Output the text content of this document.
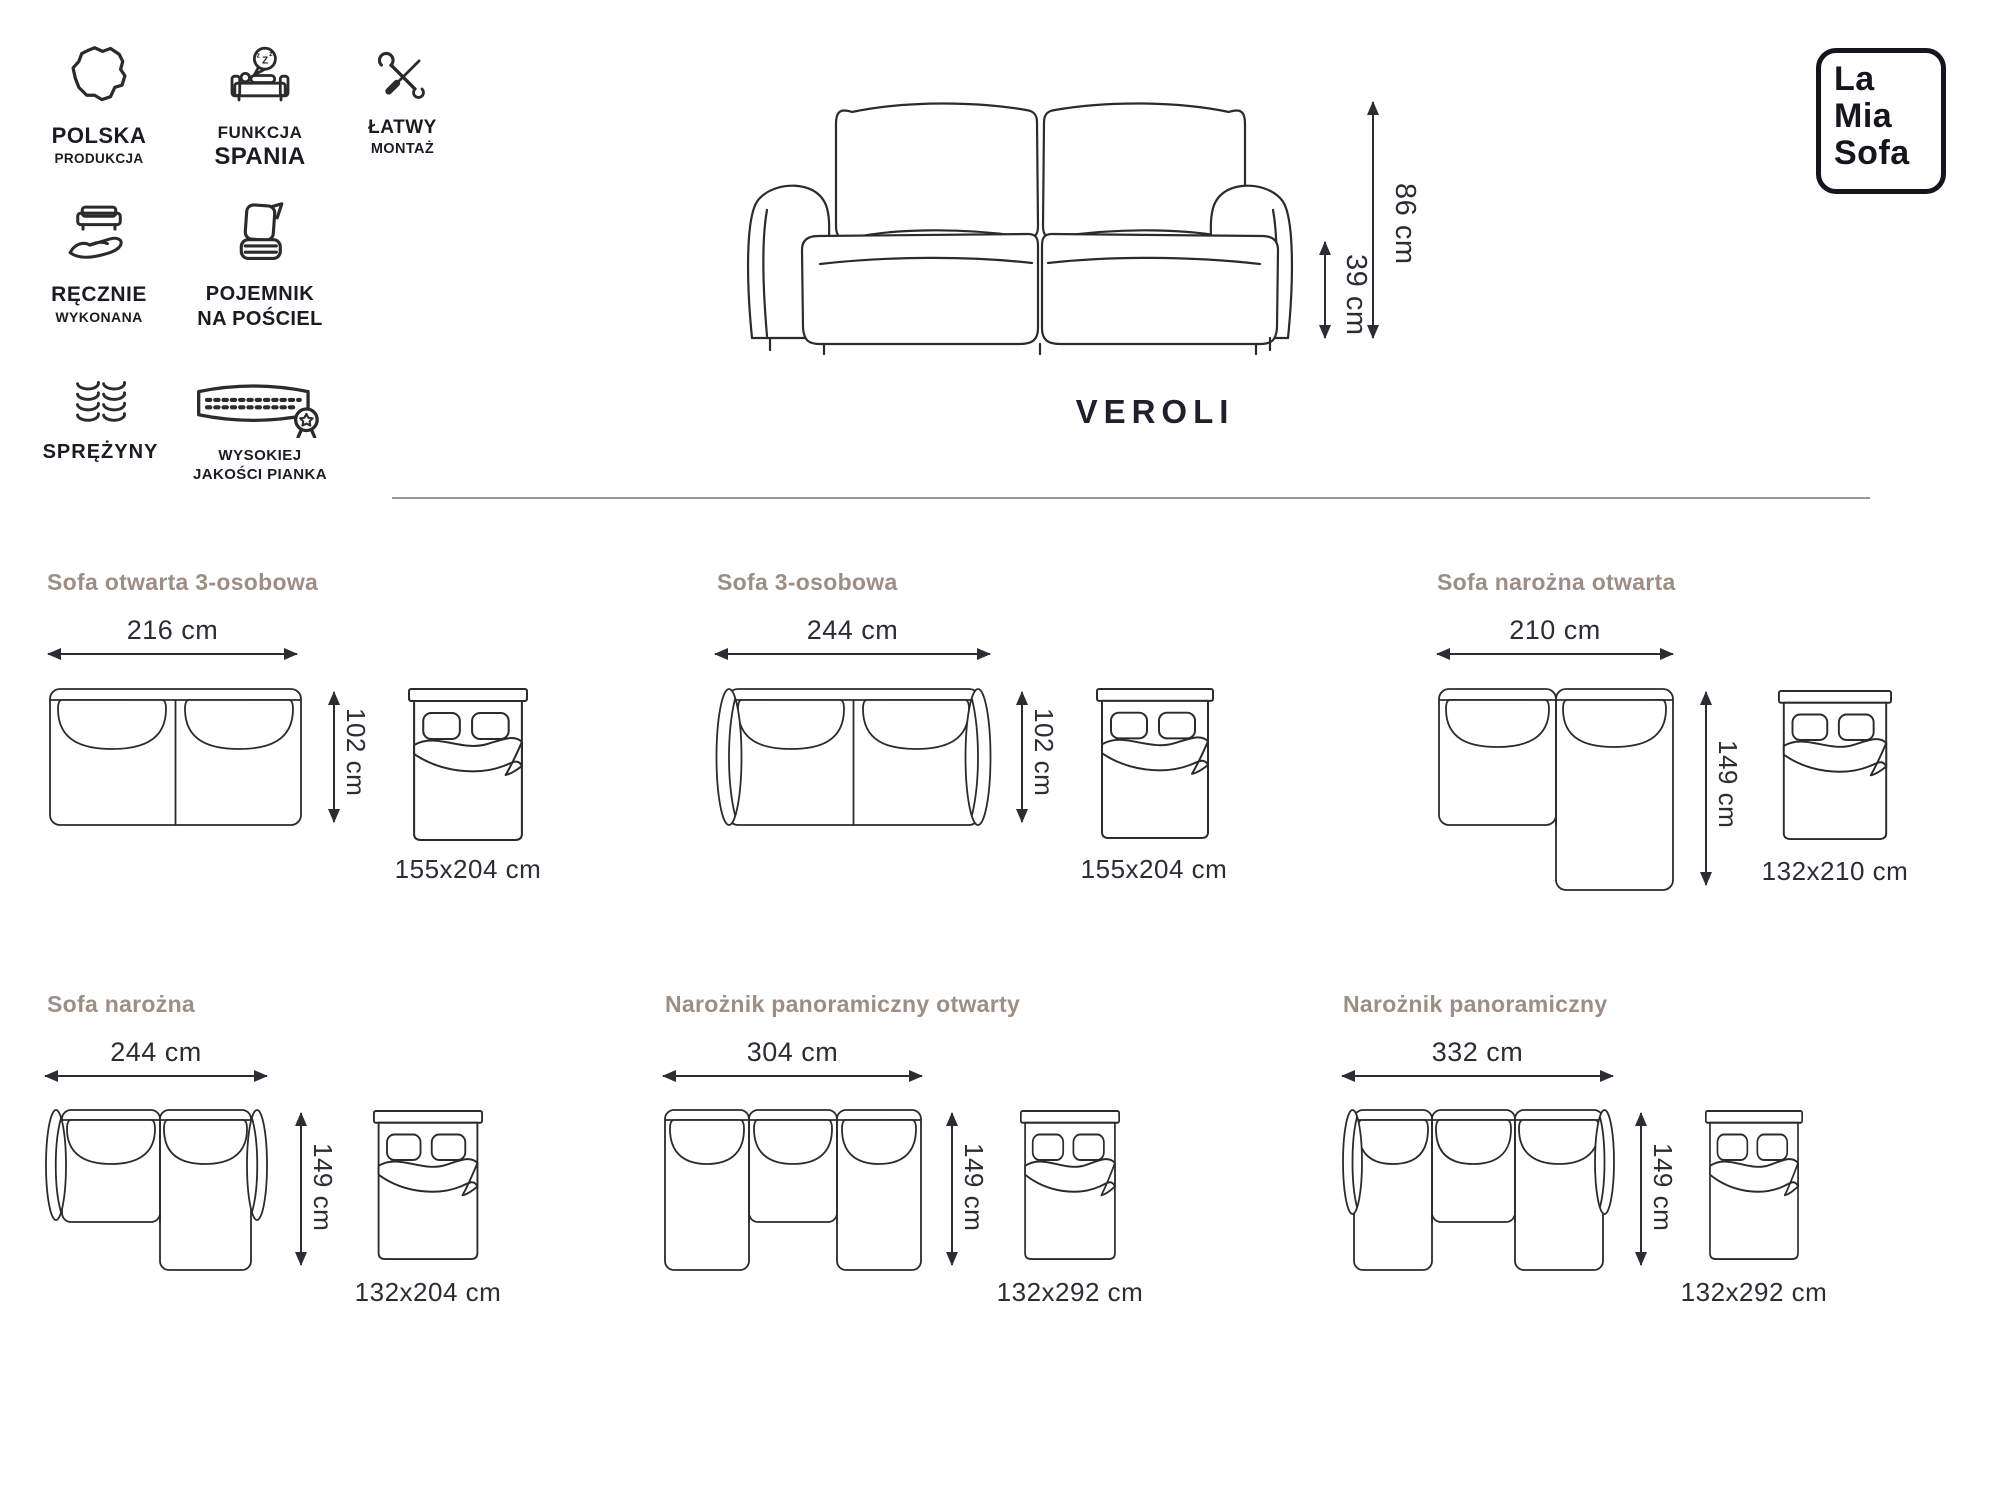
POLSKA
PRODUKCJA
z Z
z
FUNKCJA
SPANIA
ŁATWY
MONTAŻ
RĘCZNIE
WYKONANA
POJEMNIK
NA POŚCIEL
SPRĘŻYNY	WYSOKIEJ
JAKOŚCI PIANKA
La
Mia
Sofa
86 cm
39 cm
VEROLI
Sofa otwarta 3-osobowa
216 cm
102 cm
155x204 cm
Sofa 3-osobowa
244 cm
102 cm
155x204 cm
Sofa narożna otwarta
210 cm
149 cm
132x210 cm
Sofa narożna
244 cm
149 cm
132x204 cm
Narożnik panoramiczny otwarty
304 cm
149 cm
132x292 cm
Narożnik panoramiczny
332 cm
149 cm
132x292 cm
